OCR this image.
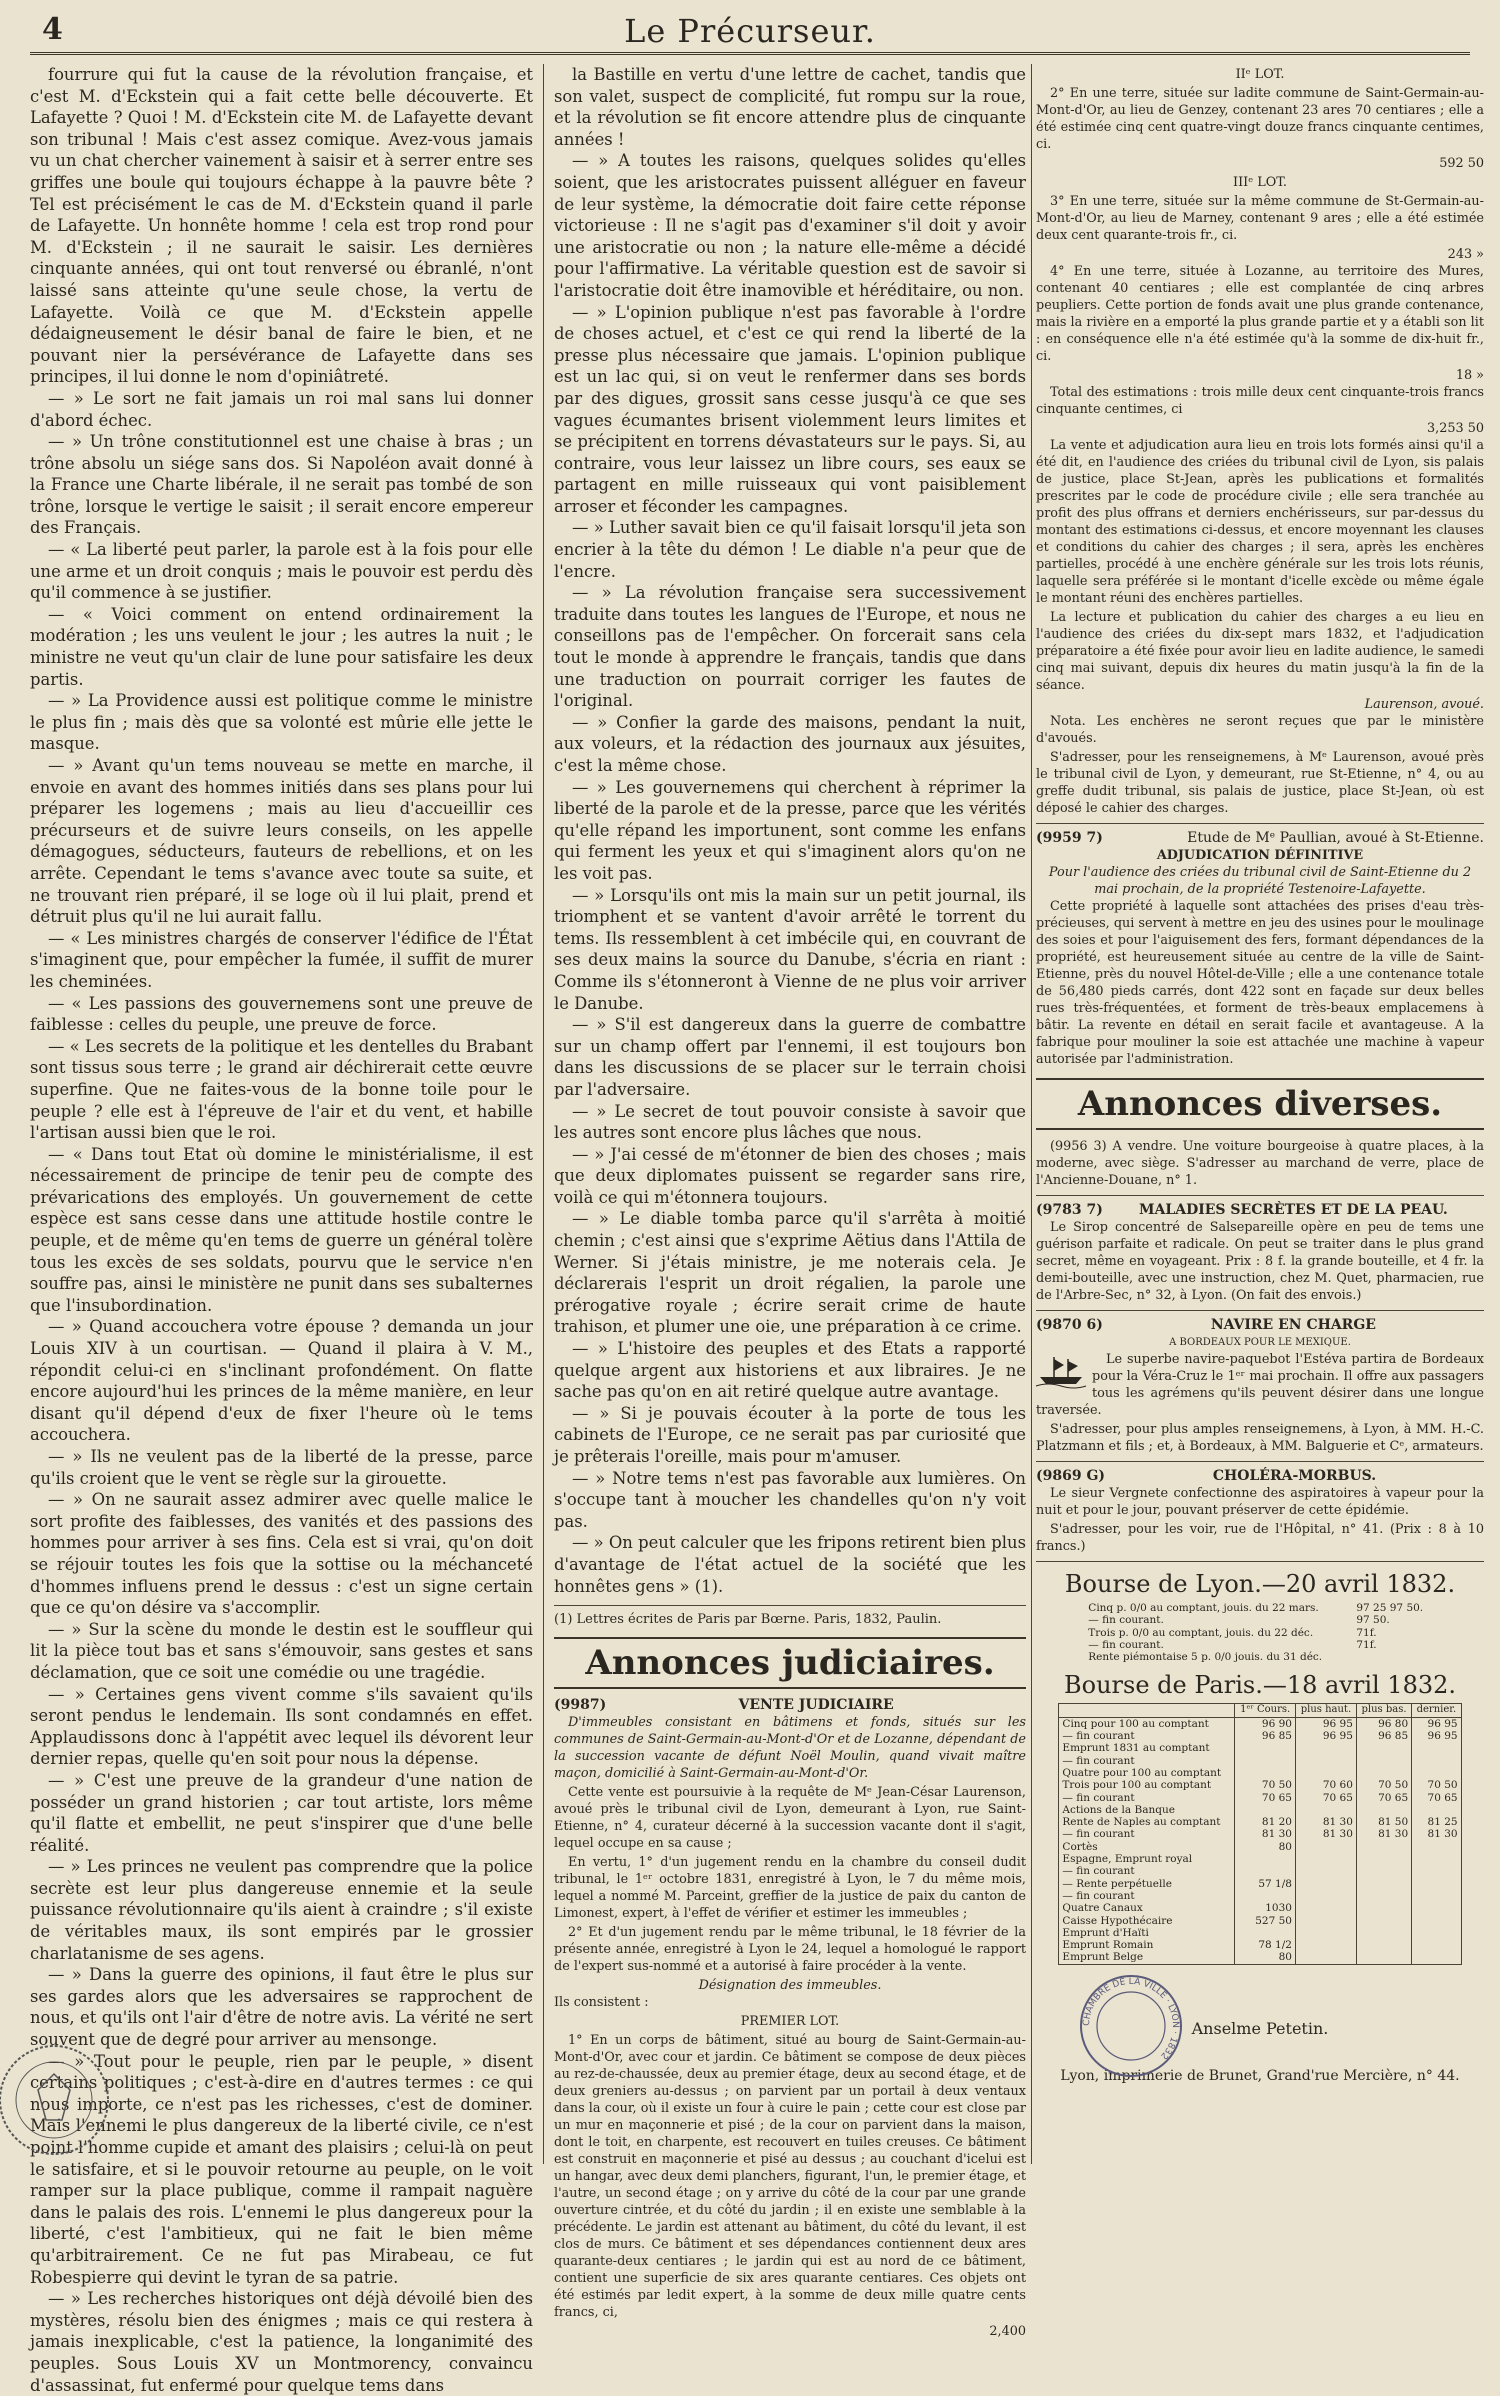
4	Le Précurseur.

fourrure qui fut la cause de la révolution française, et c'est M. d'Eckstein qui a fait cette belle découverte. Et Lafayette ? Quoi ! M. d'Eckstein cite M. de Lafayette devant son tribunal ! Mais c'est assez comique. Avez-vous jamais vu un chat chercher vainement à saisir et à serrer entre ses griffes une boule qui toujours échappe à la pauvre bête ? Tel est précisément le cas de M. d'Eckstein quand il parle de Lafayette. Un honnête homme ! cela est trop rond pour M. d'Eckstein ; il ne saurait le saisir. Les dernières cinquante années, qui ont tout renversé ou ébranlé, n'ont laissé sans atteinte qu'une seule chose, la vertu de Lafayette. Voilà ce que M. d'Eckstein appelle dédaigneusement le désir banal de faire le bien, et ne pouvant nier la persévérance de Lafayette dans ses principes, il lui donne le nom d'opiniâtreté.

— » Le sort ne fait jamais un roi mal sans lui donner d'abord échec.

— » Un trône constitutionnel est une chaise à bras ; un trône absolu un siége sans dos. Si Napoléon avait donné à la France une Charte libérale, il ne serait pas tombé de son trône, lorsque le vertige le saisit ; il serait encore empereur des Français.

— « La liberté peut parler, la parole est à la fois pour elle une arme et un droit conquis ; mais le pouvoir est perdu dès qu'il commence à se justifier.

— « Voici comment on entend ordinairement la modération ; les uns veulent le jour ; les autres la nuit ; le ministre ne veut qu'un clair de lune pour satisfaire les deux partis.

— » La Providence aussi est politique comme le ministre le plus fin ; mais dès que sa volonté est mûrie elle jette le masque.

— » Avant qu'un tems nouveau se mette en marche, il envoie en avant des hommes initiés dans ses plans pour lui préparer les logemens ; mais au lieu d'accueillir ces précurseurs et de suivre leurs conseils, on les appelle démagogues, séducteurs, fauteurs de rebellions, et on les arrête. Cependant le tems s'avance avec toute sa suite, et ne trouvant rien préparé, il se loge où il lui plait, prend et détruit plus qu'il ne lui aurait fallu.

— « Les ministres chargés de conserver l'édifice de l'État s'imaginent que, pour empêcher la fumée, il suffit de murer les cheminées.

— « Les passions des gouvernemens sont une preuve de faiblesse : celles du peuple, une preuve de force.

— « Les secrets de la politique et les dentelles du Brabant sont tissus sous terre ; le grand air déchirerait cette œuvre superfine. Que ne faites-vous de la bonne toile pour le peuple ? elle est à l'épreuve de l'air et du vent, et habille l'artisan aussi bien que le roi.

— « Dans tout Etat où domine le ministérialisme, il est nécessairement de principe de tenir peu de compte des prévarications des employés. Un gouvernement de cette espèce est sans cesse dans une attitude hostile contre le peuple, et de même qu'en tems de guerre un général tolère tous les excès de ses soldats, pourvu que le service n'en souffre pas, ainsi le ministère ne punit dans ses subalternes que l'insubordination.

— » Quand accouchera votre épouse ? demanda un jour Louis XIV à un courtisan. — Quand il plaira à V. M., répondit celui-ci en s'inclinant profondément. On flatte encore aujourd'hui les princes de la même manière, en leur disant qu'il dépend d'eux de fixer l'heure où le tems accouchera.

— » Ils ne veulent pas de la liberté de la presse, parce qu'ils croient que le vent se règle sur la girouette.

— » On ne saurait assez admirer avec quelle malice le sort profite des faiblesses, des vanités et des passions des hommes pour arriver à ses fins. Cela est si vrai, qu'on doit se réjouir toutes les fois que la sottise ou la méchanceté d'hommes influens prend le dessus : c'est un signe certain que ce qu'on désire va s'accomplir.

— » Sur la scène du monde le destin est le souffleur qui lit la pièce tout bas et sans s'émouvoir, sans gestes et sans déclamation, que ce soit une comédie ou une tragédie.

— » Certaines gens vivent comme s'ils savaient qu'ils seront pendus le lendemain. Ils sont condamnés en effet. Applaudissons donc à l'appétit avec lequel ils dévorent leur dernier repas, quelle qu'en soit pour nous la dépense.

— » C'est une preuve de la grandeur d'une nation de posséder un grand historien ; car tout artiste, lors même qu'il flatte et embellit, ne peut s'inspirer que d'une belle réalité.

— » Les princes ne veulent pas comprendre que la police secrète est leur plus dangereuse ennemie et la seule puissance révolutionnaire qu'ils aient à craindre ; s'il existe de véritables maux, ils sont empirés par le grossier charlatanisme de ses agens.

— » Dans la guerre des opinions, il faut être le plus sur ses gardes alors que les adversaires se rapprochent de nous, et qu'ils ont l'air d'être de notre avis. La vérité ne sert souvent que de degré pour arriver au mensonge.

— » Tout pour le peuple, rien par le peuple, » disent certains politiques ; c'est-à-dire en d'autres termes : ce qui nous importe, ce n'est pas les richesses, c'est de dominer. Mais l'ennemi le plus dangereux de la liberté civile, ce n'est point l'homme cupide et amant des plaisirs ; celui-là on peut le satisfaire, et si le pouvoir retourne au peuple, on le voit ramper sur la place publique, comme il rampait naguère dans le palais des rois. L'ennemi le plus dangereux pour la liberté, c'est l'ambitieux, qui ne fait le bien même qu'arbitrairement. Ce ne fut pas Mirabeau, ce fut Robespierre qui devint le tyran de sa patrie.

— » Les recherches historiques ont déjà dévoilé bien des mystères, résolu bien des énigmes ; mais ce qui restera à jamais inexplicable, c'est la patience, la longanimité des peuples. Sous Louis XV un Montmorency, convaincu d'assassinat, fut enfermé pour quelque tems dans

la Bastille en vertu d'une lettre de cachet, tandis que son valet, suspect de complicité, fut rompu sur la roue, et la révolution se fit encore attendre plus de cinquante années !

— » A toutes les raisons, quelques solides qu'elles soient, que les aristocrates puissent alléguer en faveur de leur système, la démocratie doit faire cette réponse victorieuse : Il ne s'agit pas d'examiner s'il doit y avoir une aristocratie ou non ; la nature elle-même a décidé pour l'affirmative. La véritable question est de savoir si l'aristocratie doit être inamovible et héréditaire, ou non.

— » L'opinion publique n'est pas favorable à l'ordre de choses actuel, et c'est ce qui rend la liberté de la presse plus nécessaire que jamais. L'opinion publique est un lac qui, si on veut le renfermer dans ses bords par des digues, grossit sans cesse jusqu'à ce que ses vagues écumantes brisent violemment leurs limites et se précipitent en torrens dévastateurs sur le pays. Si, au contraire, vous leur laissez un libre cours, ses eaux se partagent en mille ruisseaux qui vont paisiblement arroser et féconder les campagnes.

— » Luther savait bien ce qu'il faisait lorsqu'il jeta son encrier à la tête du démon ! Le diable n'a peur que de l'encre.

— » La révolution française sera successivement traduite dans toutes les langues de l'Europe, et nous ne conseillons pas de l'empêcher. On forcerait sans cela tout le monde à apprendre le français, tandis que dans une traduction on pourrait corriger les fautes de l'original.

— » Confier la garde des maisons, pendant la nuit, aux voleurs, et la rédaction des journaux aux jésuites, c'est la même chose.

— » Les gouvernemens qui cherchent à réprimer la liberté de la parole et de la presse, parce que les vérités qu'elle répand les importunent, sont comme les enfans qui ferment les yeux et qui s'imaginent alors qu'on ne les voit pas.

— » Lorsqu'ils ont mis la main sur un petit journal, ils triomphent et se vantent d'avoir arrêté le torrent du tems. Ils ressemblent à cet imbécile qui, en couvrant de ses deux mains la source du Danube, s'écria en riant : Comme ils s'étonneront à Vienne de ne plus voir arriver le Danube.

— » S'il est dangereux dans la guerre de combattre sur un champ offert par l'ennemi, il est toujours bon dans les discussions de se placer sur le terrain choisi par l'adversaire.

— » Le secret de tout pouvoir consiste à savoir que les autres sont encore plus lâches que nous.

— » J'ai cessé de m'étonner de bien des choses ; mais que deux diplomates puissent se regarder sans rire, voilà ce qui m'étonnera toujours.

— » Le diable tomba parce qu'il s'arrêta à moitié chemin ; c'est ainsi que s'exprime Aëtius dans l'Attila de Werner. Si j'étais ministre, je me noterais cela. Je déclarerais l'esprit un droit régalien, la parole une prérogative royale ; écrire serait crime de haute trahison, et plumer une oie, une préparation à ce crime.

— » L'histoire des peuples et des Etats a rapporté quelque argent aux historiens et aux libraires. Je ne sache pas qu'on en ait retiré quelque autre avantage.

— » Si je pouvais écouter à la porte de tous les cabinets de l'Europe, ce ne serait pas par curiosité que je prêterais l'oreille, mais pour m'amuser.

— » Notre tems n'est pas favorable aux lumières. On s'occupe tant à moucher les chandelles qu'on n'y voit pas.

— » On peut calculer que les fripons retirent bien plus d'avantage de l'état actuel de la société que les honnêtes gens » (1).

(1) Lettres écrites de Paris par Bœrne. Paris, 1832, Paulin.
Annonces judiciaires.
(9987)	VENTE JUDICIAIRE

D'immeubles consistant en bâtimens et fonds, situés sur les communes de Saint-Germain-au-Mont-d'Or et de Lozanne, dépendant de la succession vacante de défunt Noël Moulin, quand vivait maître maçon, domicilié à Saint-Germain-au-Mont-d'Or.

Cette vente est poursuivie à la requête de Mᵉ Jean-César Laurenson, avoué près le tribunal civil de Lyon, demeurant à Lyon, rue Saint-Etienne, n° 4, curateur décerné à la succession vacante dont il s'agit, lequel occupe en sa cause ;

En vertu, 1° d'un jugement rendu en la chambre du conseil dudit tribunal, le 1ᵉʳ octobre 1831, enregistré à Lyon, le 7 du même mois, lequel a nommé M. Parceint, greffier de la justice de paix du canton de Limonest, expert, à l'effet de vérifier et estimer les immeubles ;

2° Et d'un jugement rendu par le même tribunal, le 18 février de la présente année, enregistré à Lyon le 24, lequel a homologué le rapport de l'expert sus-nommé et a autorisé à faire procéder à la vente.

Désignation des immeubles.
Ils consistent :
PREMIER LOT.

1° En un corps de bâtiment, situé au bourg de Saint-Germain-au-Mont-d'Or, avec cour et jardin. Ce bâtiment se compose de deux pièces au rez-de-chaussée, deux au premier étage, deux au second étage, et de deux greniers au-dessus ; on parvient par un portail à deux ventaux dans la cour, où il existe un four à cuire le pain ; cette cour est close par un mur en maçonnerie et pisé ; de la cour on parvient dans la maison, dont le toit, en charpente, est recouvert en tuiles creuses. Ce bâtiment est construit en maçonnerie et pisé au dessus ; au couchant d'icelui est un hangar, avec deux demi planchers, figurant, l'un, le premier étage, et l'autre, un second étage ; on y arrive du côté de la cour par une grande ouverture cintrée, et du côté du jardin ; il en existe une semblable à la précédente. Le jardin est attenant au bâtiment, du côté du levant, il est clos de murs. Ce bâtiment et ses dépendances contiennent deux ares quarante-deux centiares ; le jardin qui est au nord de ce bâtiment, contient une superficie de six ares quarante centiares. Ces objets ont été estimés par ledit expert, à la somme de deux mille quatre cents francs, ci,

2,400
IIᵉ LOT.

2° En une terre, située sur ladite commune de Saint-Germain-au-Mont-d'Or, au lieu de Genzey, contenant 23 ares 70 centiares ; elle a été estimée cinq cent quatre-vingt douze francs cinquante centimes, ci.

592 50
IIIᵉ LOT.

3° En une terre, située sur la même commune de St-Germain-au-Mont-d'Or, au lieu de Marney, contenant 9 ares ; elle a été estimée deux cent quarante-trois fr., ci.

243 »

4° En une terre, située à Lozanne, au territoire des Mures, contenant 40 centiares ; elle est complantée de cinq arbres peupliers. Cette portion de fonds avait une plus grande contenance, mais la rivière en a emporté la plus grande partie et y a établi son lit : en conséquence elle n'a été estimée qu'à la somme de dix-huit fr., ci.

18 »

Total des estimations : trois mille deux cent cinquante-trois francs cinquante centimes, ci

3,253 50

La vente et adjudication aura lieu en trois lots formés ainsi qu'il a été dit, en l'audience des criées du tribunal civil de Lyon, sis palais de justice, place St-Jean, après les publications et formalités prescrites par le code de procédure civile ; elle sera tranchée au profit des plus offrans et derniers enchérisseurs, sur par-dessus du montant des estimations ci-dessus, et encore moyennant les clauses et conditions du cahier des charges ; il sera, après les enchères partielles, procédé à une enchère générale sur les trois lots réunis, laquelle sera préférée si le montant d'icelle excède ou même égale le montant réuni des enchères partielles.

La lecture et publication du cahier des charges a eu lieu en l'audience des criées du dix-sept mars 1832, et l'adjudication préparatoire a été fixée pour avoir lieu en ladite audience, le samedi cinq mai suivant, depuis dix heures du matin jusqu'à la fin de la séance.

Laurenson, avoué.

Nota. Les enchères ne seront reçues que par le ministère d'avoués.

S'adresser, pour les renseignemens, à Mᵉ Laurenson, avoué près le tribunal civil de Lyon, y demeurant, rue St-Etienne, n° 4, ou au greffe dudit tribunal, sis palais de justice, place St-Jean, où est déposé le cahier des charges.

(9959 7)	Etude de Mᵉ Paullian, avoué à St-Etienne.
ADJUDICATION DÉFINITIVE
Pour l'audience des criées du tribunal civil de Saint-Etienne du 2 mai prochain, de la propriété Testenoire-Lafayette.

Cette propriété à laquelle sont attachées des prises d'eau très-précieuses, qui servent à mettre en jeu des usines pour le moulinage des soies et pour l'aiguisement des fers, formant dépendances de la propriété, est heureusement située au centre de la ville de Saint-Etienne, près du nouvel Hôtel-de-Ville ; elle a une contenance totale de 56,480 pieds carrés, dont 422 sont en façade sur deux belles rues très-fréquentées, et forment de très-beaux emplacemens à bâtir. La revente en détail en serait facile et avantageuse. A la fabrique pour mouliner la soie est attachée une machine à vapeur autorisée par l'administration.

Annonces diverses.

(9956 3) A vendre. Une voiture bourgeoise à quatre places, à la moderne, avec siège. S'adresser au marchand de verre, place de l'Ancienne-Douane, n° 1.

(9783 7)	MALADIES SECRÈTES ET DE LA PEAU.

Le Sirop concentré de Salsepareille opère en peu de tems une guérison parfaite et radicale. On peut se traiter dans le plus grand secret, même en voyageant. Prix : 8 f. la grande bouteille, et 4 fr. la demi-bouteille, avec une instruction, chez M. Quet, pharmacien, rue de l'Arbre-Sec, n° 32, à Lyon. (On fait des envois.)

(9870 6)	NAVIRE EN CHARGE
A BORDEAUX POUR LE MEXIQUE.

Le superbe navire-paquebot l'Estéva partira de Bordeaux pour la Véra-Cruz le 1ᵉʳ mai prochain. Il offre aux passagers tous les agrémens qu'ils peuvent désirer dans une longue traversée.

S'adresser, pour plus amples renseignemens, à Lyon, à MM. H.-C. Platzmann et fils ; et, à Bordeaux, à MM. Balguerie et Cᵉ, armateurs.

(9869 G)	CHOLÉRA-MORBUS.

Le sieur Vergnete confectionne des aspiratoires à vapeur pour la nuit et pour le jour, pouvant préserver de cette épidémie.

S'adresser, pour les voir, rue de l'Hôpital, n° 41. (Prix : 8 à 10 francs.)

Bourse de Lyon.—20 avril 1832.
Cinq p. 0/0 au comptant, jouis. du 22 mars.	97 25 97 50.
— fin courant.	97 50.
Trois p. 0/0 au comptant, jouis. du 22 déc.	71f.
— fin courant.	71f.
Rente piémontaise 5 p. 0/0 jouis. du 31 déc.	
Bourse de Paris.—18 avril 1832.
	1ᵉʳ Cours.	plus haut.	plus bas.	dernier.
Cinq pour 100 au comptant	96 90	96 95	96 80	96 95
— fin courant	96 85	96 95	96 85	96 95
Emprunt 1831 au comptant				
— fin courant				
Quatre pour 100 au comptant				
Trois pour 100 au comptant	70 50	70 60	70 50	70 50
— fin courant	70 65	70 65	70 65	70 65
Actions de la Banque				
Rente de Naples au comptant	81 20	81 30	81 50	81 25
— fin courant	81 30	81 30	81 30	81 30
Cortès	80			
Espagne, Emprunt royal				
— fin courant				
— Rente perpétuelle	57 1/8			
— fin courant				
Quatre Canaux	1030			
Caisse Hypothécaire	527 50			
Emprunt d'Haïti				
Emprunt Romain	78 1/2			
Emprunt Belge	80			
CHAMBRE DE LA VILLE · LYON · 1832
Anselme Petetin.
Lyon, imprimerie de Brunet, Grand'rue Mercière, n° 44.
